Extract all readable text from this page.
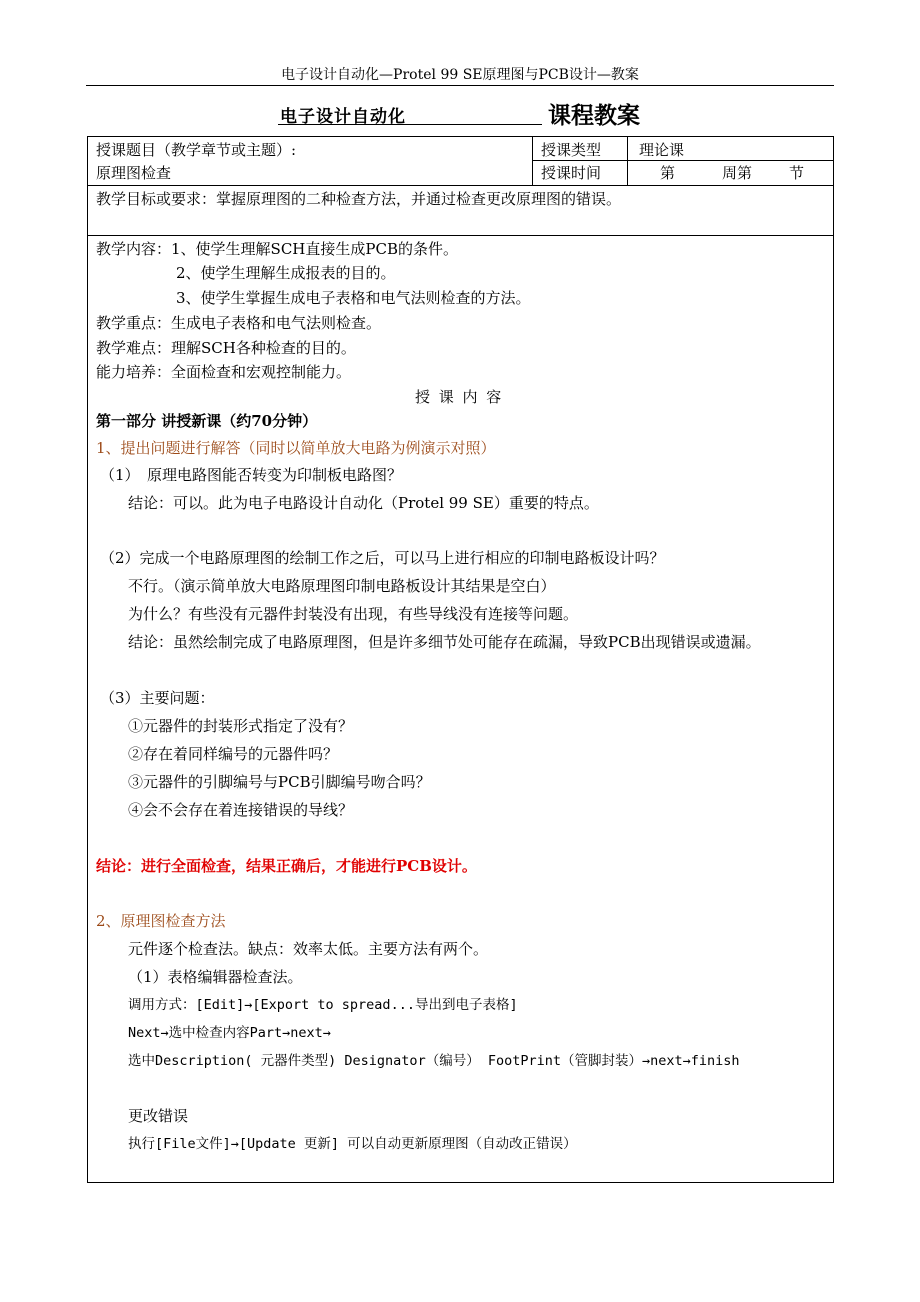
电子设计自动化—Protel 99 SE原理图与PCB设计—教案
电子设计自动化	课程教案
授课题目（教学章节或主题）:
原理图检查
授课类型	理论课
授课时间	第	周第 节
教学目标或要求：掌握原理图的二种检查方法，并通过检查更改原理图的错误。
教学内容：1、使学生理解SCH直接生成PCB的条件。
2、使学生理解生成报表的目的。
3、使学生掌握生成电子表格和电气法则检查的方法。
教学重点：生成电子表格和电气法则检查。
教学难点：理解SCH各种检查的目的。
能力培养：全面检查和宏观控制能力。
授 课 内 容
第一部分 讲授新课（约70分钟）
1、提出问题进行解答（同时以简单放大电路为例演示对照）
（1）　原理电路图能否转变为印制板电路图？
结论：可以。此为电子电路设计自动化（Protel 99 SE）重要的特点。
（2）完成一个电路原理图的绘制工作之后，可以马上进行相应的印制电路板设计吗？
不行。（演示简单放大电路原理图印制电路板设计其结果是空白）
为什么？有些没有元器件封装没有出现，有些导线没有连接等问题。
结论：虽然绘制完成了电路原理图，但是许多细节处可能存在疏漏，导致PCB出现错误或遗漏。
（3）主要问题：
①元器件的封装形式指定了没有？
②存在着同样编号的元器件吗？
③元器件的引脚编号与PCB引脚编号吻合吗？
④会不会存在着连接错误的导线？
结论：进行全面检查，结果正确后，才能进行PCB设计。
2、原理图检查方法
元件逐个检查法。缺点：效率太低。主要方法有两个。
（1）表格编辑器检查法。
调用方式：[Edit]→[Export to spread...导出到电子表格]
Next→选中检查内容Part→next→
选中Description( 元器件类型) Designator（编号） FootPrint（管脚封装）→next→finish
更改错误
执行[File文件]→[Update 更新] 可以自动更新原理图（自动改正错误）
